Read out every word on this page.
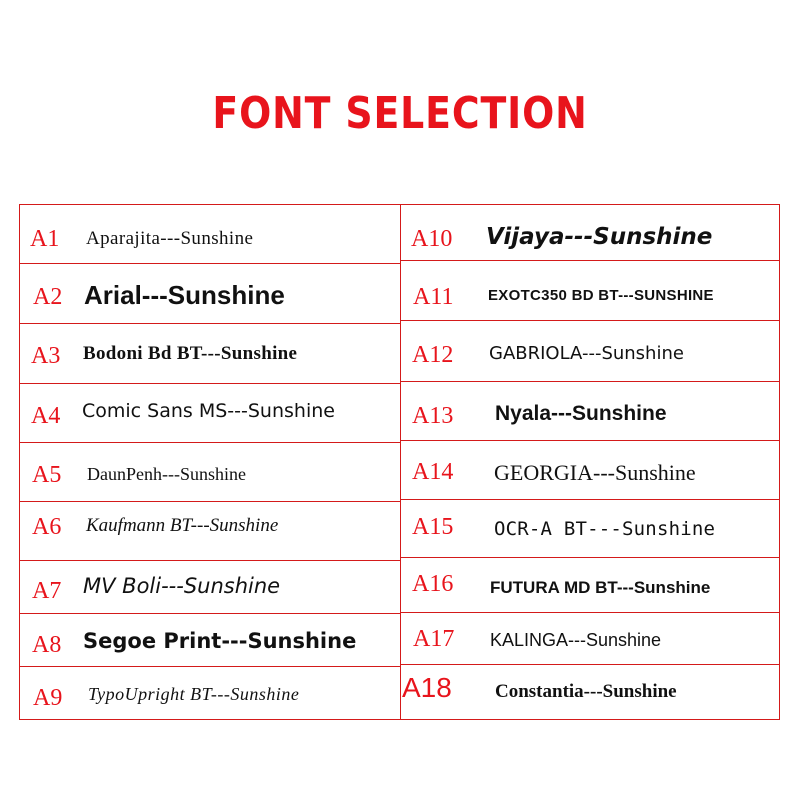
FONT SELECTION
A1 Aparajita---Sunshine
A2 Arial---Sunshine
A3 Bodoni Bd BT---Sunshine
A4 Comic Sans MS---Sunshine
A5 DaunPenh---Sunshine
A6 Kaufmann BT---Sunshine
A7 MV Boli---Sunshine
A8 Segoe Print---Sunshine
A9 TypoUpright BT---Sunshine
A10 Vijaya---Sunshine
A11 EXOTC350 BD BT---SUNSHINE
A12 GABRIOLA---Sunshine
A13 Nyala---Sunshine
A14 GEORGIA---Sunshine
A15 OCR-A BT---Sunshine
A16 FUTURA MD BT---Sunshine
A17 KALINGA---Sunshine
A18 Constantia---Sunshine
